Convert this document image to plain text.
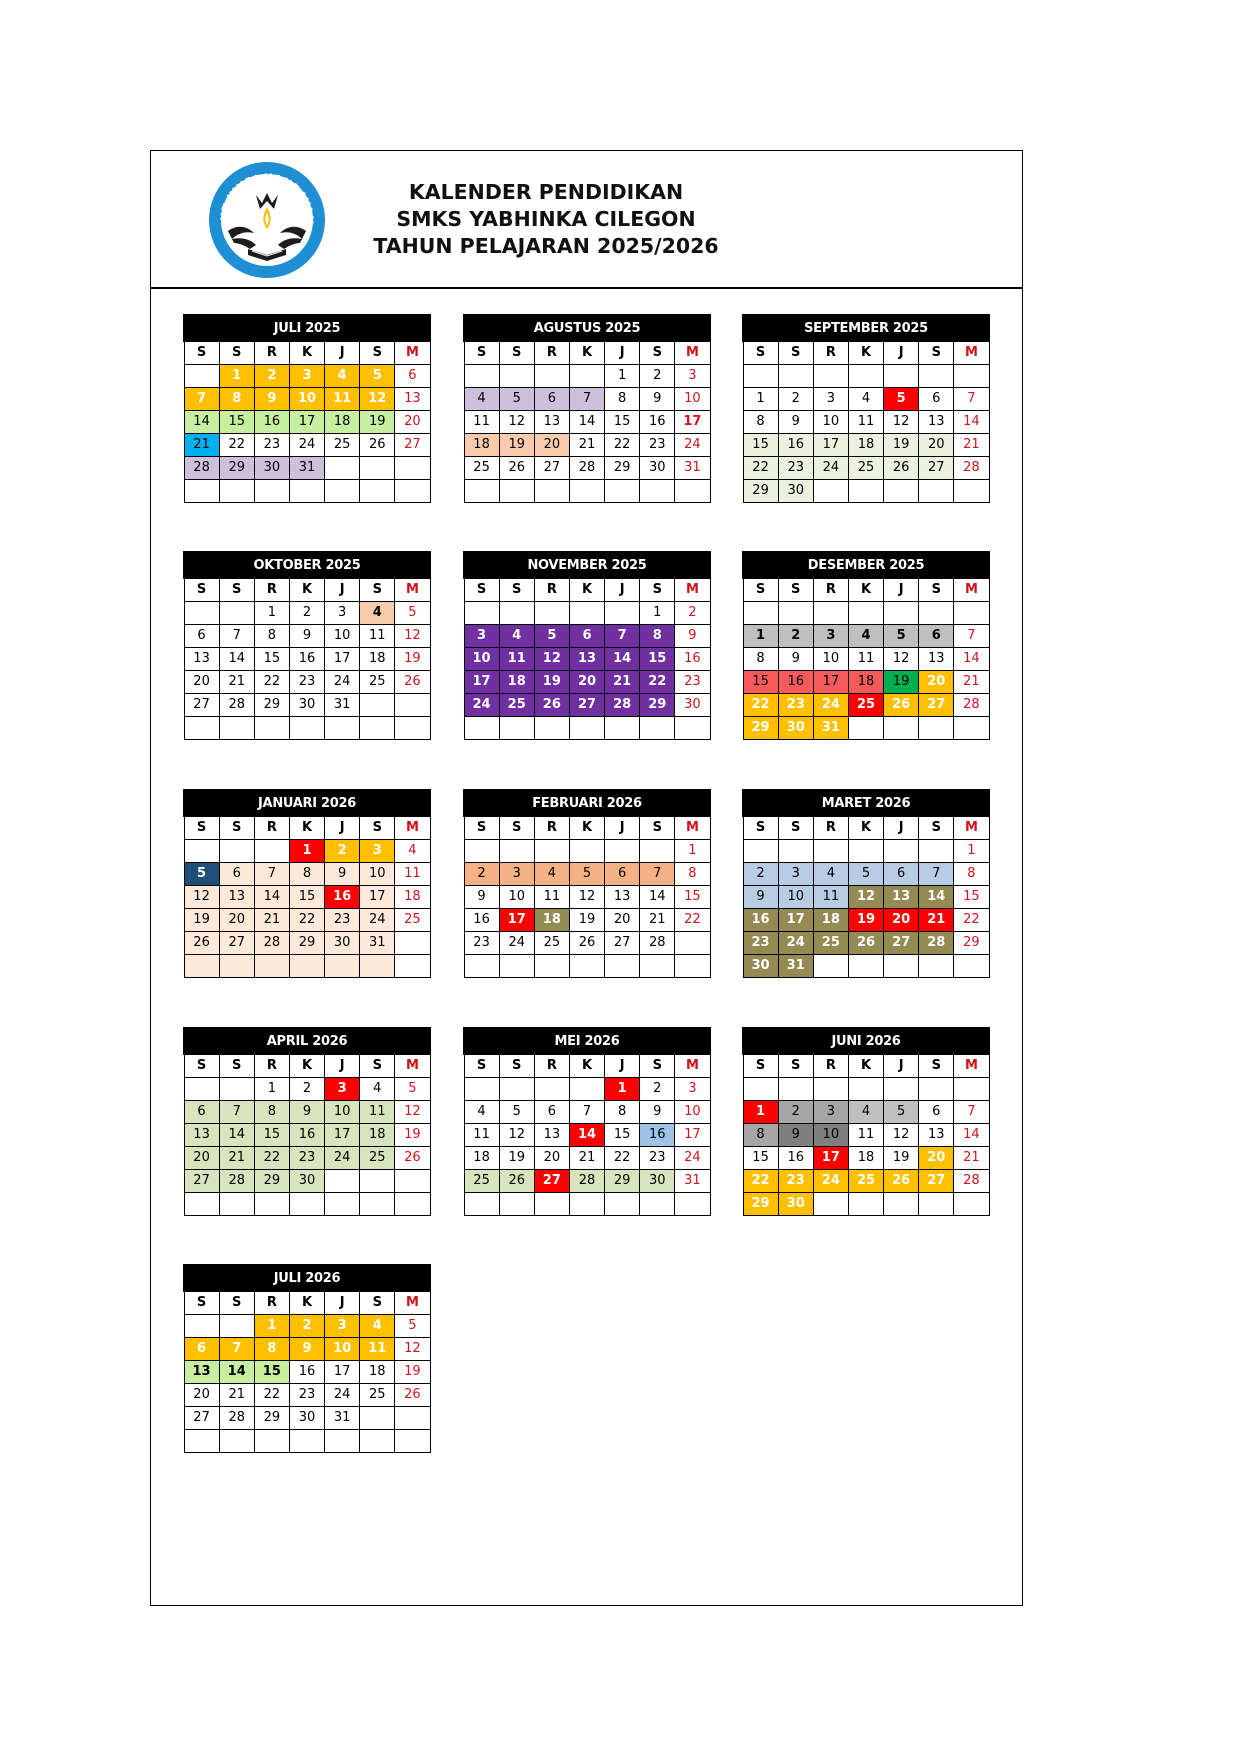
UT WURI HANDAYAN
KALENDER PENDIDIKAN
SMKS YABHINKA CILEGON
TAHUN PELAJARAN 2025/2026
JULI 2025						
S	S	R	K	J	S	M
	1	2	3	4	5	6
7	8	9	10	11	12	13
14	15	16	17	18	19	20
21	22	23	24	25	26	27
28	29	30	31			

AGUSTUS 2025						
S	S	R	K	J	S	M
				1	2	3
4	5	6	7	8	9	10
11	12	13	14	15	16	17
18	19	20	21	22	23	24
25	26	27	28	29	30	31

SEPTEMBER 2025						
S	S	R	K	J	S	M

1	2	3	4	5	6	7
8	9	10	11	12	13	14
15	16	17	18	19	20	21
22	23	24	25	26	27	28
29	30					
OKTOBER 2025						
S	S	R	K	J	S	M
		1	2	3	4	5
6	7	8	9	10	11	12
13	14	15	16	17	18	19
20	21	22	23	24	25	26
27	28	29	30	31		

NOVEMBER 2025						
S	S	R	K	J	S	M
					1	2
3	4	5	6	7	8	9
10	11	12	13	14	15	16
17	18	19	20	21	22	23
24	25	26	27	28	29	30

DESEMBER 2025						
S	S	R	K	J	S	M

1	2	3	4	5	6	7
8	9	10	11	12	13	14
15	16	17	18	19	20	21
22	23	24	25	26	27	28
29	30	31				
JANUARI 2026						
S	S	R	K	J	S	M
			1	2	3	4
5	6	7	8	9	10	11
12	13	14	15	16	17	18
19	20	21	22	23	24	25
26	27	28	29	30	31	

FEBRUARI 2026						
S	S	R	K	J	S	M
						1
2	3	4	5	6	7	8
9	10	11	12	13	14	15
16	17	18	19	20	21	22
23	24	25	26	27	28	

MARET 2026						
S	S	R	K	J	S	M
						1
2	3	4	5	6	7	8
9	10	11	12	13	14	15
16	17	18	19	20	21	22
23	24	25	26	27	28	29
30	31					
APRIL 2026						
S	S	R	K	J	S	M
		1	2	3	4	5
6	7	8	9	10	11	12
13	14	15	16	17	18	19
20	21	22	23	24	25	26
27	28	29	30			

MEI 2026						
S	S	R	K	J	S	M
				1	2	3
4	5	6	7	8	9	10
11	12	13	14	15	16	17
18	19	20	21	22	23	24
25	26	27	28	29	30	31

JUNI 2026						
S	S	R	K	J	S	M

1	2	3	4	5	6	7
8	9	10	11	12	13	14
15	16	17	18	19	20	21
22	23	24	25	26	27	28
29	30					
JULI 2026						
S	S	R	K	J	S	M
		1	2	3	4	5
6	7	8	9	10	11	12
13	14	15	16	17	18	19
20	21	22	23	24	25	26
27	28	29	30	31		
